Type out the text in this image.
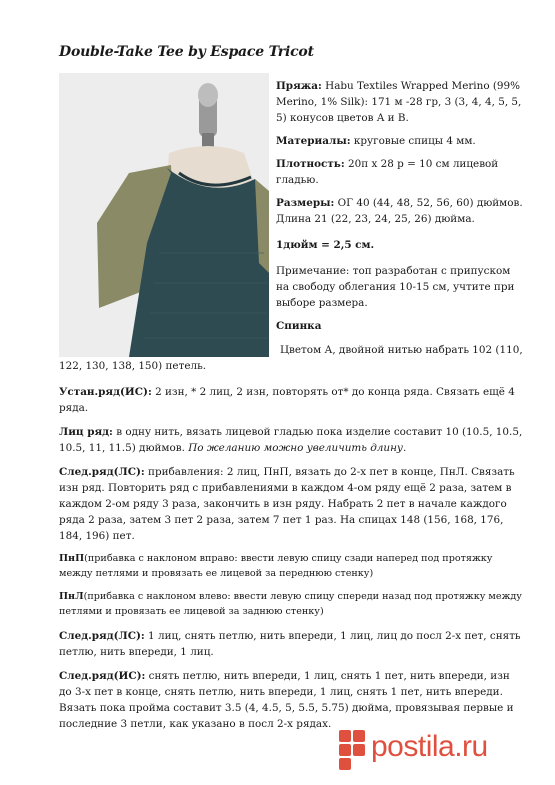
Double-Take Tee by Espace Tricot
Пряжа: Habu Textiles Wrapped Merino (99% Merino, 1% Silk): 171 м -28 гр, 3 (3, 4, 4, 5, 5, 5) конусов цветов A и B.
Материалы: круговые спицы 4 мм.
Плотность: 20п х 28 р = 10 см лицевой гладью.
Размеры: ОГ 40 (44, 48, 52, 56, 60) дюймов. Длина 21 (22, 23, 24, 25, 26) дюйма.
1дюйм = 2,5 см.
Примечание: топ разработан с припуском на свободу облегания 10-15 см, учтите при выборе размера.
Спинка
Цветом А, двойной нитью набрать 102 (110,
122, 130, 138, 150) петель.
Устан.ряд(ИС): 2 изн, * 2 лиц, 2 изн, повторять от* до конца ряда. Связать ещё 4 ряда.
Лиц ряд: в одну нить, вязать лицевой гладью пока изделие составит 10 (10.5, 10.5, 10.5, 11, 11.5) дюймов. По желанию можно увеличить длину.
След.ряд(ЛС): прибавления: 2 лиц, ПнП, вязать до 2-х пет в конце, ПнЛ. Связать изн ряд. Повторить ряд с прибавлениями в каждом 4-ом ряду ещё 2 раза, затем в каждом 2-ом ряду 3 раза, закончить в изн ряду. Набрать 2 пет в начале каждого ряда 2 раза, затем 3 пет 2 раза, затем 7 пет 1 раз. На спицах 148 (156, 168, 176, 184, 196) пет.
ПнП(прибавка с наклоном вправо: ввести левую спицу сзади наперед под протяжку между петлями и провязать ее лицевой за переднюю стенку)
ПнЛ(прибавка с наклоном влево: ввести левую спицу спереди назад под протяжку между петлями и провязать ее лицевой за заднюю стенку)
След.ряд(ЛС): 1 лиц, снять петлю, нить впереди, 1 лиц, лиц до посл 2-х пет, снять петлю, нить впереди, 1 лиц.
След.ряд(ИС): снять петлю, нить впереди, 1 лиц, снять 1 пет, нить впереди, изн до 3-х пет в конце, снять петлю, нить впереди, 1 лиц, снять 1 пет, нить впереди. Вязать пока пройма составит 3.5 (4, 4.5, 5, 5.5, 5.75) дюйма, провязывая первые и последние 3 петли, как указано в посл 2-х рядах.
postila.ru
